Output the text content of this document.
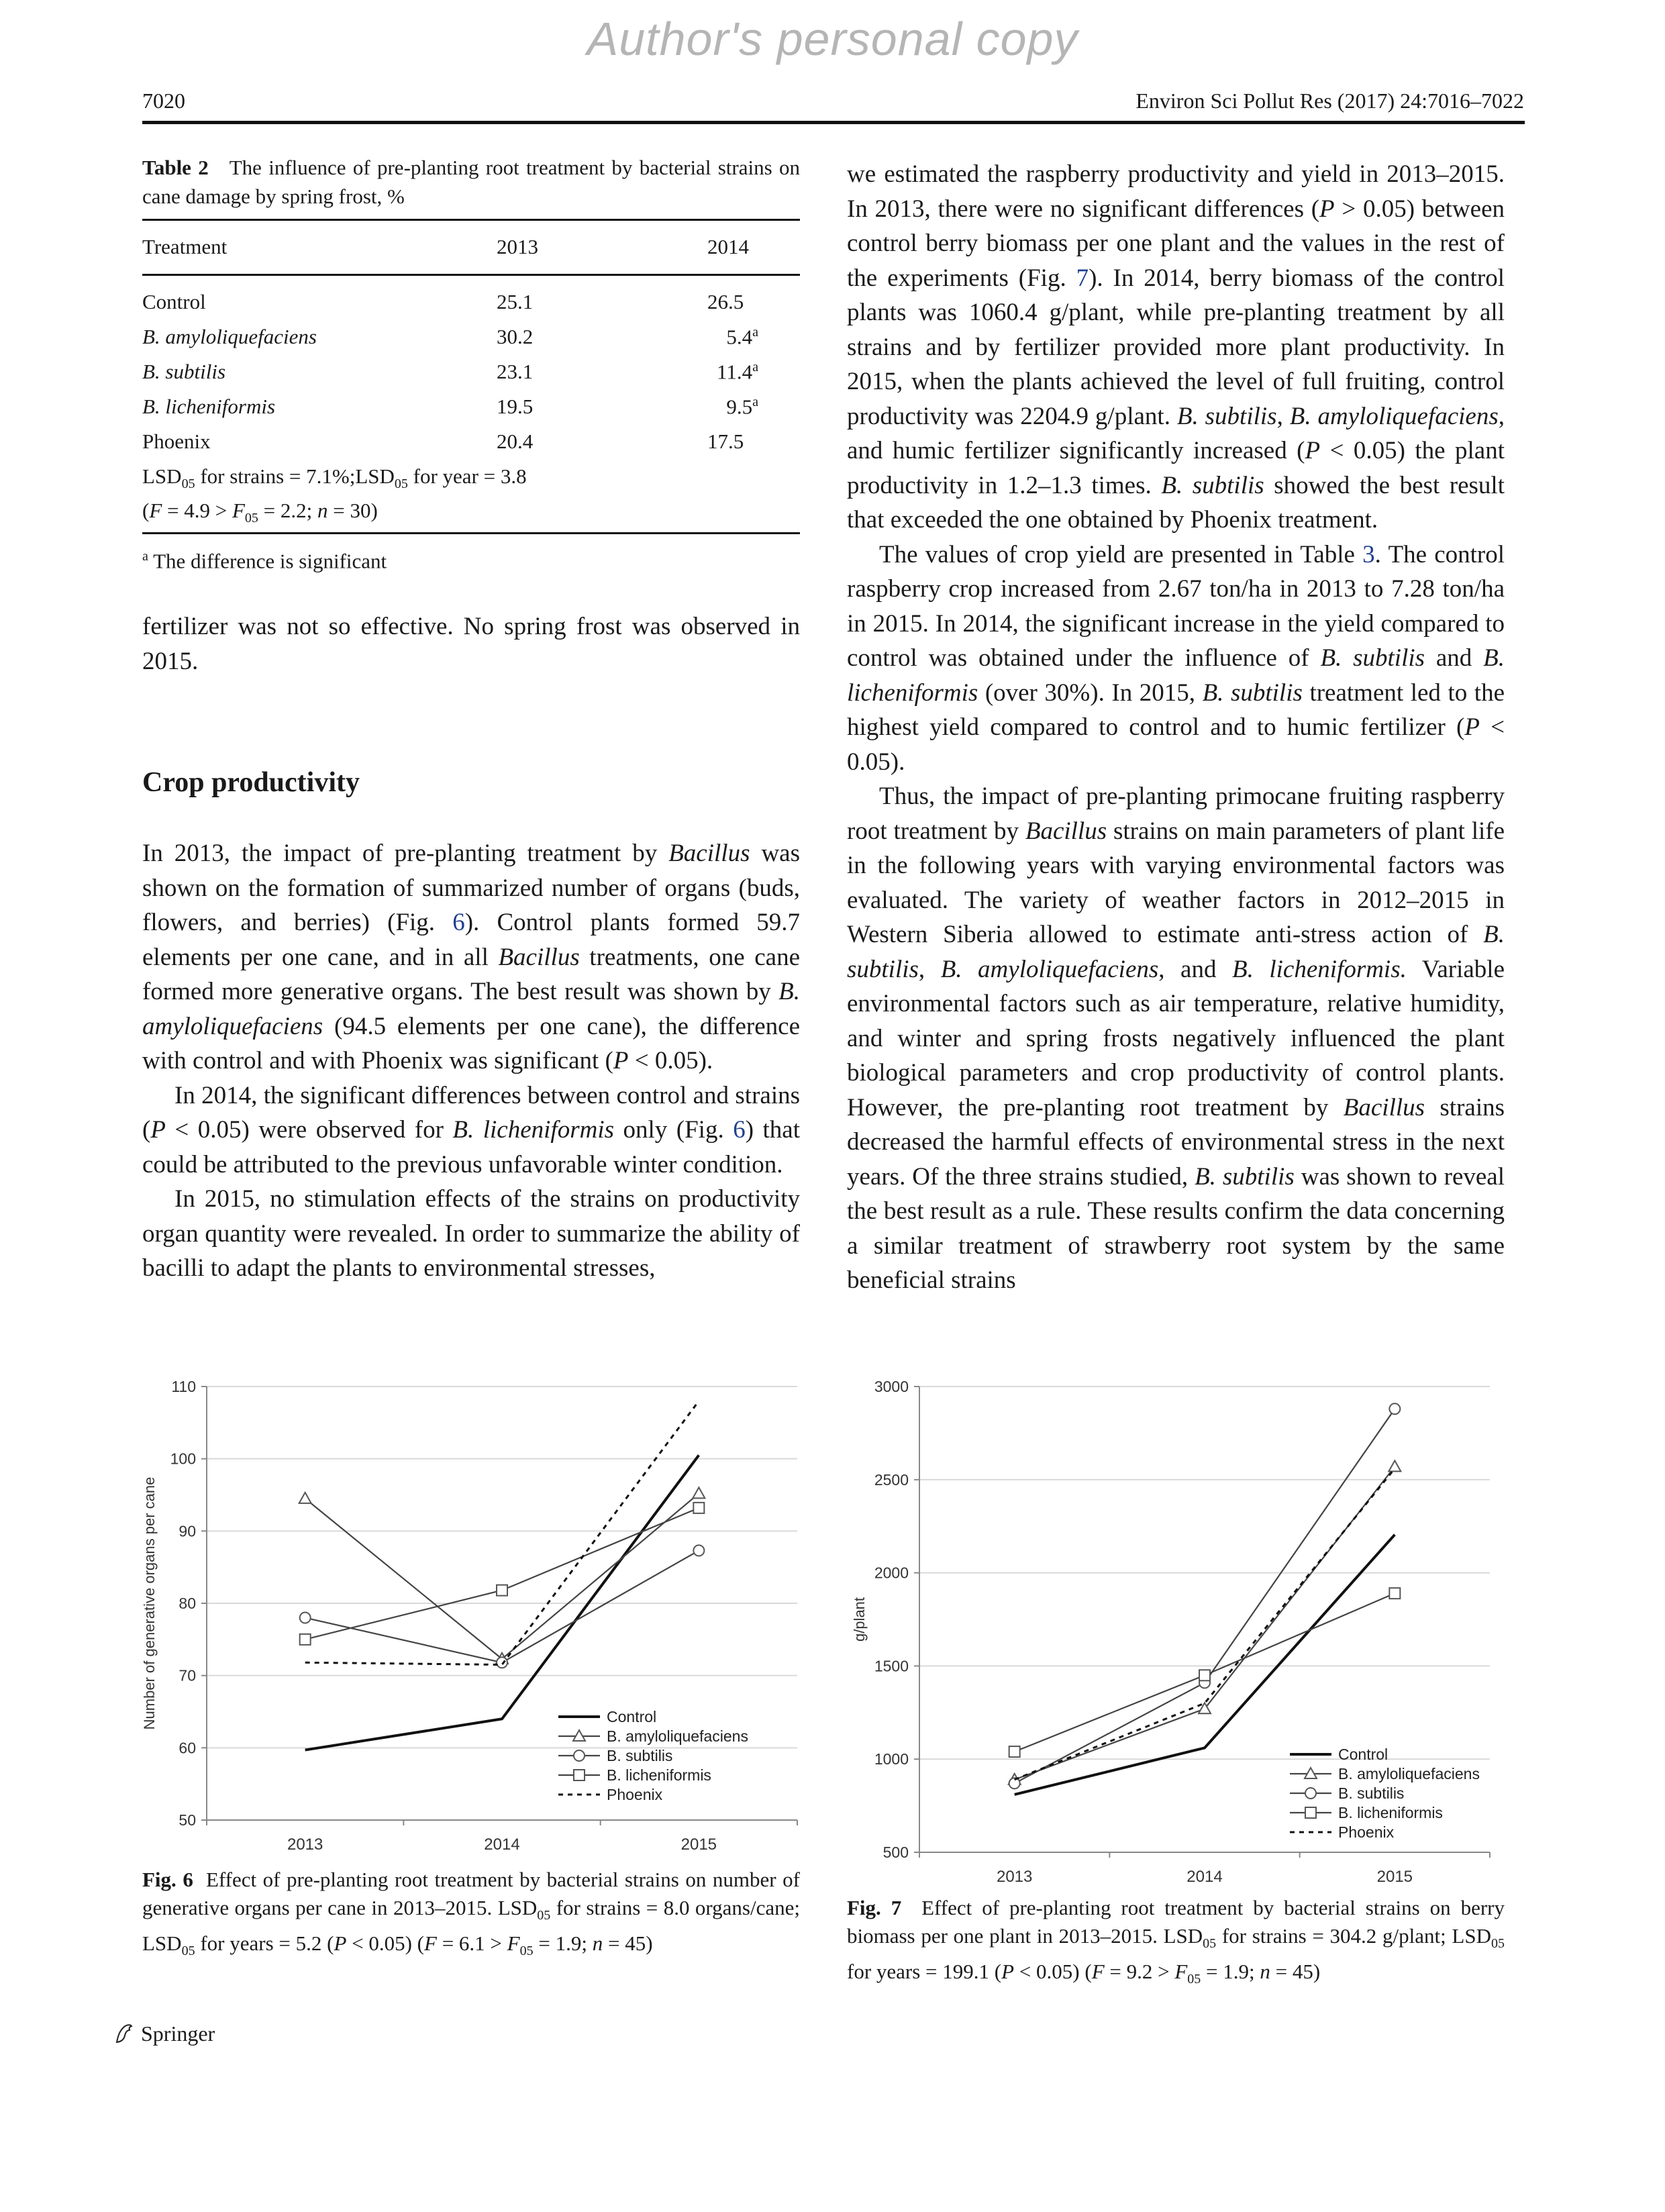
Author's personal copy
7020	Environ Sci Pollut Res (2017) 24:7016–7022
Table 2 The influence of pre-planting root treatment by bacterial strains on cane damage by spring frost, %
Treatment	2013	2014
Control	25.1	26.5
B. amyloliquefaciens	30.2	5.4$^a$
B. subtilis	23.1	11.4$^a$
B. licheniformis	19.5	9.5$^a$
Phoenix	20.4	17.5
$LSD_{05}$ for strains = $7.1\%;LSD_{05}$ for year = 3.8
($F = 4.9 > F_{05} = 2.2$; n = 30)
$^a$ The difference is significant

fertilizer was not so effective. No spring frost was observed in 2015.

Crop productivity

In 2013, the impact of pre-planting treatment by Bacillus was shown on the formation of summarized number of organs (buds, flowers, and berries) (Fig. 6). Control plants formed 59.7 elements per one cane, and in all Bacillus treatments, one cane formed more generative organs. The best result was shown by B. amyloliquefaciens (94.5 elements per one cane), the difference with control and with Phoenix was significant (P < 0.05).

In 2014, the significant differences between control and strains (P < 0.05) were observed for B. licheniformis only (Fig. 6) that could be attributed to the previous unfavorable winter condition.

In 2015, no stimulation effects of the strains on productivity organ quantity were revealed. In order to summarize the ability of bacilli to adapt the plants to environmental stresses,

we estimated the raspberry productivity and yield in 2013–2015. In 2013, there were no significant differences (P > 0.05) between control berry biomass per one plant and the values in the rest of the experiments (Fig. 7). In 2014, berry biomass of the control plants was 1060.4 g/plant, while pre-planting treatment by all strains and by fertilizer provided more plant productivity. In 2015, when the plants achieved the level of full fruiting, control productivity was 2204.9 g/plant. B. subtilis, B. amyloliquefaciens, and humic fertilizer significantly increased (P < 0.05) the plant productivity in 1.2–1.3 times. B. subtilis showed the best result that exceeded the one obtained by Phoenix treatment.

The values of crop yield are presented in Table 3. The control raspberry crop increased from 2.67 ton/ha in 2013 to 7.28 ton/ha in 2015. In 2014, the significant increase in the yield compared to control was obtained under the influence of B. subtilis and B. licheniformis (over 30%). In 2015, B. subtilis treatment led to the highest yield compared to control and to humic fertilizer (P < 0.05).

Thus, the impact of pre-planting primocane fruiting raspberry root treatment by Bacillus strains on main parameters of plant life in the following years with varying environmental factors was evaluated. The variety of weather factors in 2012–2015 in Western Siberia allowed to estimate anti-stress action of B. subtilis, B. amyloliquefaciens, and B. licheniformis. Variable environmental factors such as air temperature, relative humidity, and winter and spring frosts negatively influenced the plant biological parameters and crop productivity of control plants. However, the pre-planting root treatment by Bacillus strains decreased the harmful effects of environmental stress in the next years. Of the three strains studied, B. subtilis was shown to reveal the best result as a rule. These results confirm the data concerning a similar treatment of strawberry root system by the same beneficial strains

50
60
70
80
90
100
110
2013	2014	2015
Number of generative organs per cane	Control
B. amyloliquefaciens
B. subtilis
B. licheniformis
Phoenix
500
1000
1500
2000
2500
3000
2013	2014	2015
g/plant
Control
B. amyloliquefaciens
B. subtilis
B. licheniformis
Phoenix
Fig. 6 Effect of pre-planting root treatment by bacterial strains on number of generative organs per cane in 2013–2015. $LSD_{05}$ for strains = 8.0 organs/cane; $LSD_{05}$ for years = 5.2 (P < 0.05) ($F = 6.1 > F_{05} = 1.9$; n = 45)
Fig. 7 Effect of pre-planting root treatment by bacterial strains on berry biomass per one plant in 2013–2015. $LSD_{05}$ for strains = 304.2 g/plant; $LSD_{05}$ for years = 199.1 (P < 0.05) ($F = 9.2 > F_{05} = 1.9$; n = 45)
Springer
